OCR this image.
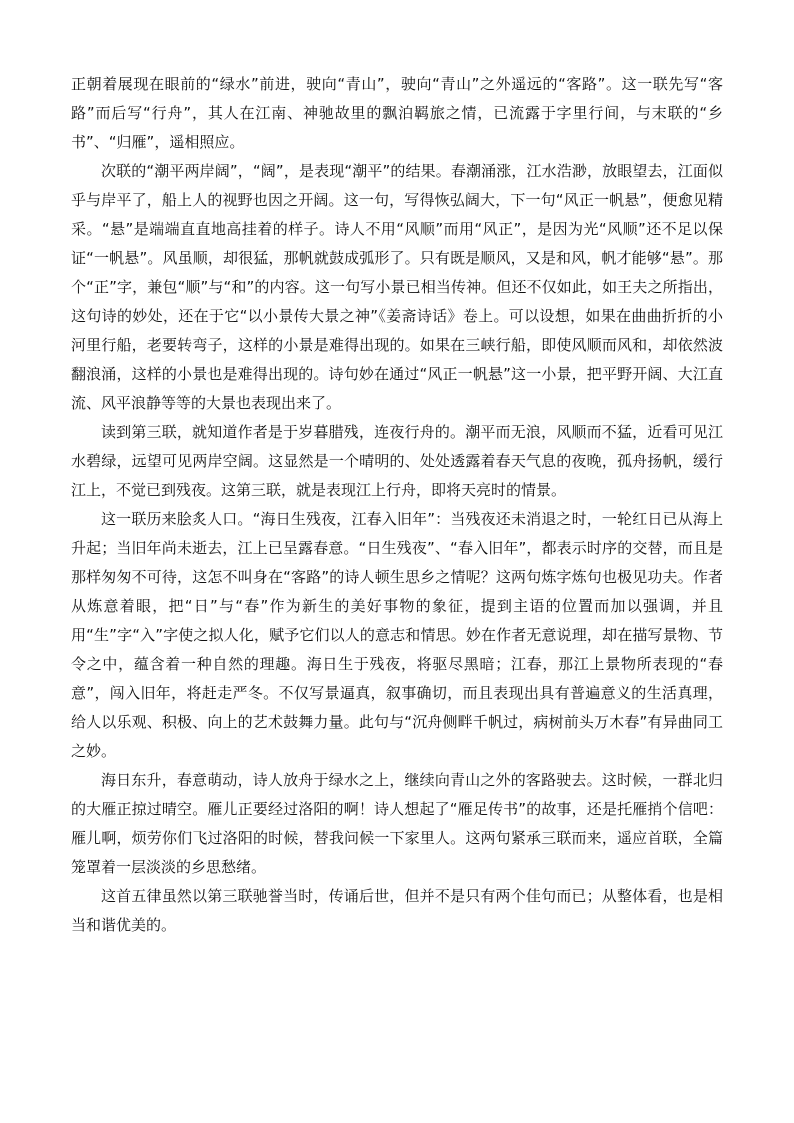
正朝着展现在眼前的“绿水”前进，驶向“青山”，驶向“青山”之外遥远的“客路”。这一联先写“客路”而后写“行舟”，其人在江南、神驰故里的飘泊羁旅之情，已流露于字里行间，与末联的“乡书”、“归雁”，遥相照应。

次联的“潮平两岸阔”，“阔”，是表现“潮平”的结果。春潮涌涨，江水浩渺，放眼望去，江面似乎与岸平了，船上人的视野也因之开阔。这一句，写得恢弘阔大，下一句“风正一帆悬”，便愈见精采。“悬”是端端直直地高挂着的样子。诗人不用“风顺”而用“风正”，是因为光“风顺”还不足以保证“一帆悬”。风虽顺，却很猛，那帆就鼓成弧形了。只有既是顺风，又是和风，帆才能够“悬”。那个“正”字，兼包“顺”与“和”的内容。这一句写小景已相当传神。但还不仅如此，如王夫之所指出，这句诗的妙处，还在于它“以小景传大景之神”《姜斋诗话》卷上。可以设想，如果在曲曲折折的小河里行船，老要转弯子，这样的小景是难得出现的。如果在三峡行船，即使风顺而风和，却依然波翻浪涌，这样的小景也是难得出现的。诗句妙在通过“风正一帆悬”这一小景，把平野开阔、大江直流、风平浪静等等的大景也表现出来了。

读到第三联，就知道作者是于岁暮腊残，连夜行舟的。潮平而无浪，风顺而不猛，近看可见江水碧绿，远望可见两岸空阔。这显然是一个晴明的、处处透露着春天气息的夜晚，孤舟扬帆，缓行江上，不觉已到残夜。这第三联，就是表现江上行舟，即将天亮时的情景。

这一联历来脍炙人口。“海日生残夜，江春入旧年”：当残夜还未消退之时，一轮红日已从海上升起；当旧年尚未逝去，江上已呈露春意。“日生残夜”、“春入旧年”，都表示时序的交替，而且是那样匆匆不可待，这怎不叫身在“客路”的诗人顿生思乡之情呢？这两句炼字炼句也极见功夫。作者从炼意着眼，把“日”与“春”作为新生的美好事物的象征，提到主语的位置而加以强调，并且用“生”字“入”字使之拟人化，赋予它们以人的意志和情思。妙在作者无意说理，却在描写景物、节令之中，蕴含着一种自然的理趣。海日生于残夜，将驱尽黑暗；江春，那江上景物所表现的“春意”，闯入旧年，将赶走严冬。不仅写景逼真，叙事确切，而且表现出具有普遍意义的生活真理，给人以乐观、积极、向上的艺术鼓舞力量。此句与“沉舟侧畔千帆过，病树前头万木春”有异曲同工之妙。

海日东升，春意萌动，诗人放舟于绿水之上，继续向青山之外的客路驶去。这时候，一群北归的大雁正掠过晴空。雁儿正要经过洛阳的啊！诗人想起了“雁足传书”的故事，还是托雁捎个信吧：雁儿啊，烦劳你们飞过洛阳的时候，替我问候一下家里人。这两句紧承三联而来，遥应首联，全篇笼罩着一层淡淡的乡思愁绪。

这首五律虽然以第三联驰誉当时，传诵后世，但并不是只有两个佳句而已；从整体看，也是相当和谐优美的。
